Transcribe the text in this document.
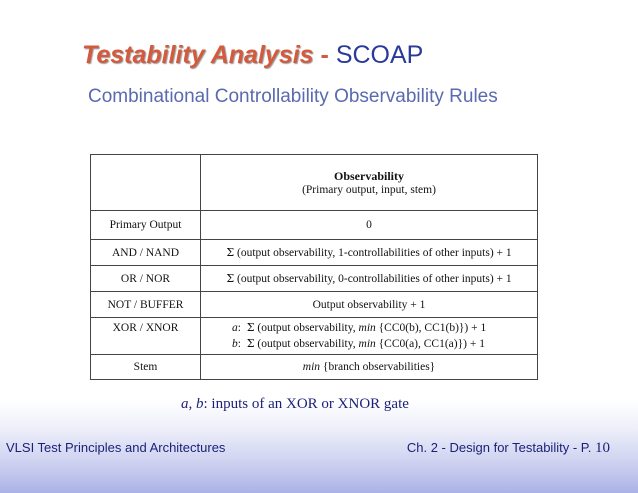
Testability Analysis - SCOAP
Combinational Controllability Observability Rules

	Observability
(Primary output, input, stem)

Primary Output	0
AND / NAND	Σ (output observability, 1-controllabilities of other inputs) + 1
OR / NOR	Σ (output observability, 0-controllabilities of other inputs) + 1
NOT / BUFFER	Output observability + 1
XOR / XNOR	a: Σ (output observability, min {CC0(b), CC1(b)}) + 1
b: Σ (output observability, min {CC0(a), CC1(a)}) + 1

Stem	min {branch observabilities}
a, b: inputs of an XOR or XNOR gate
VLSI Test Principles and Architectures	Ch. 2 - Design for Testability - P. 10
